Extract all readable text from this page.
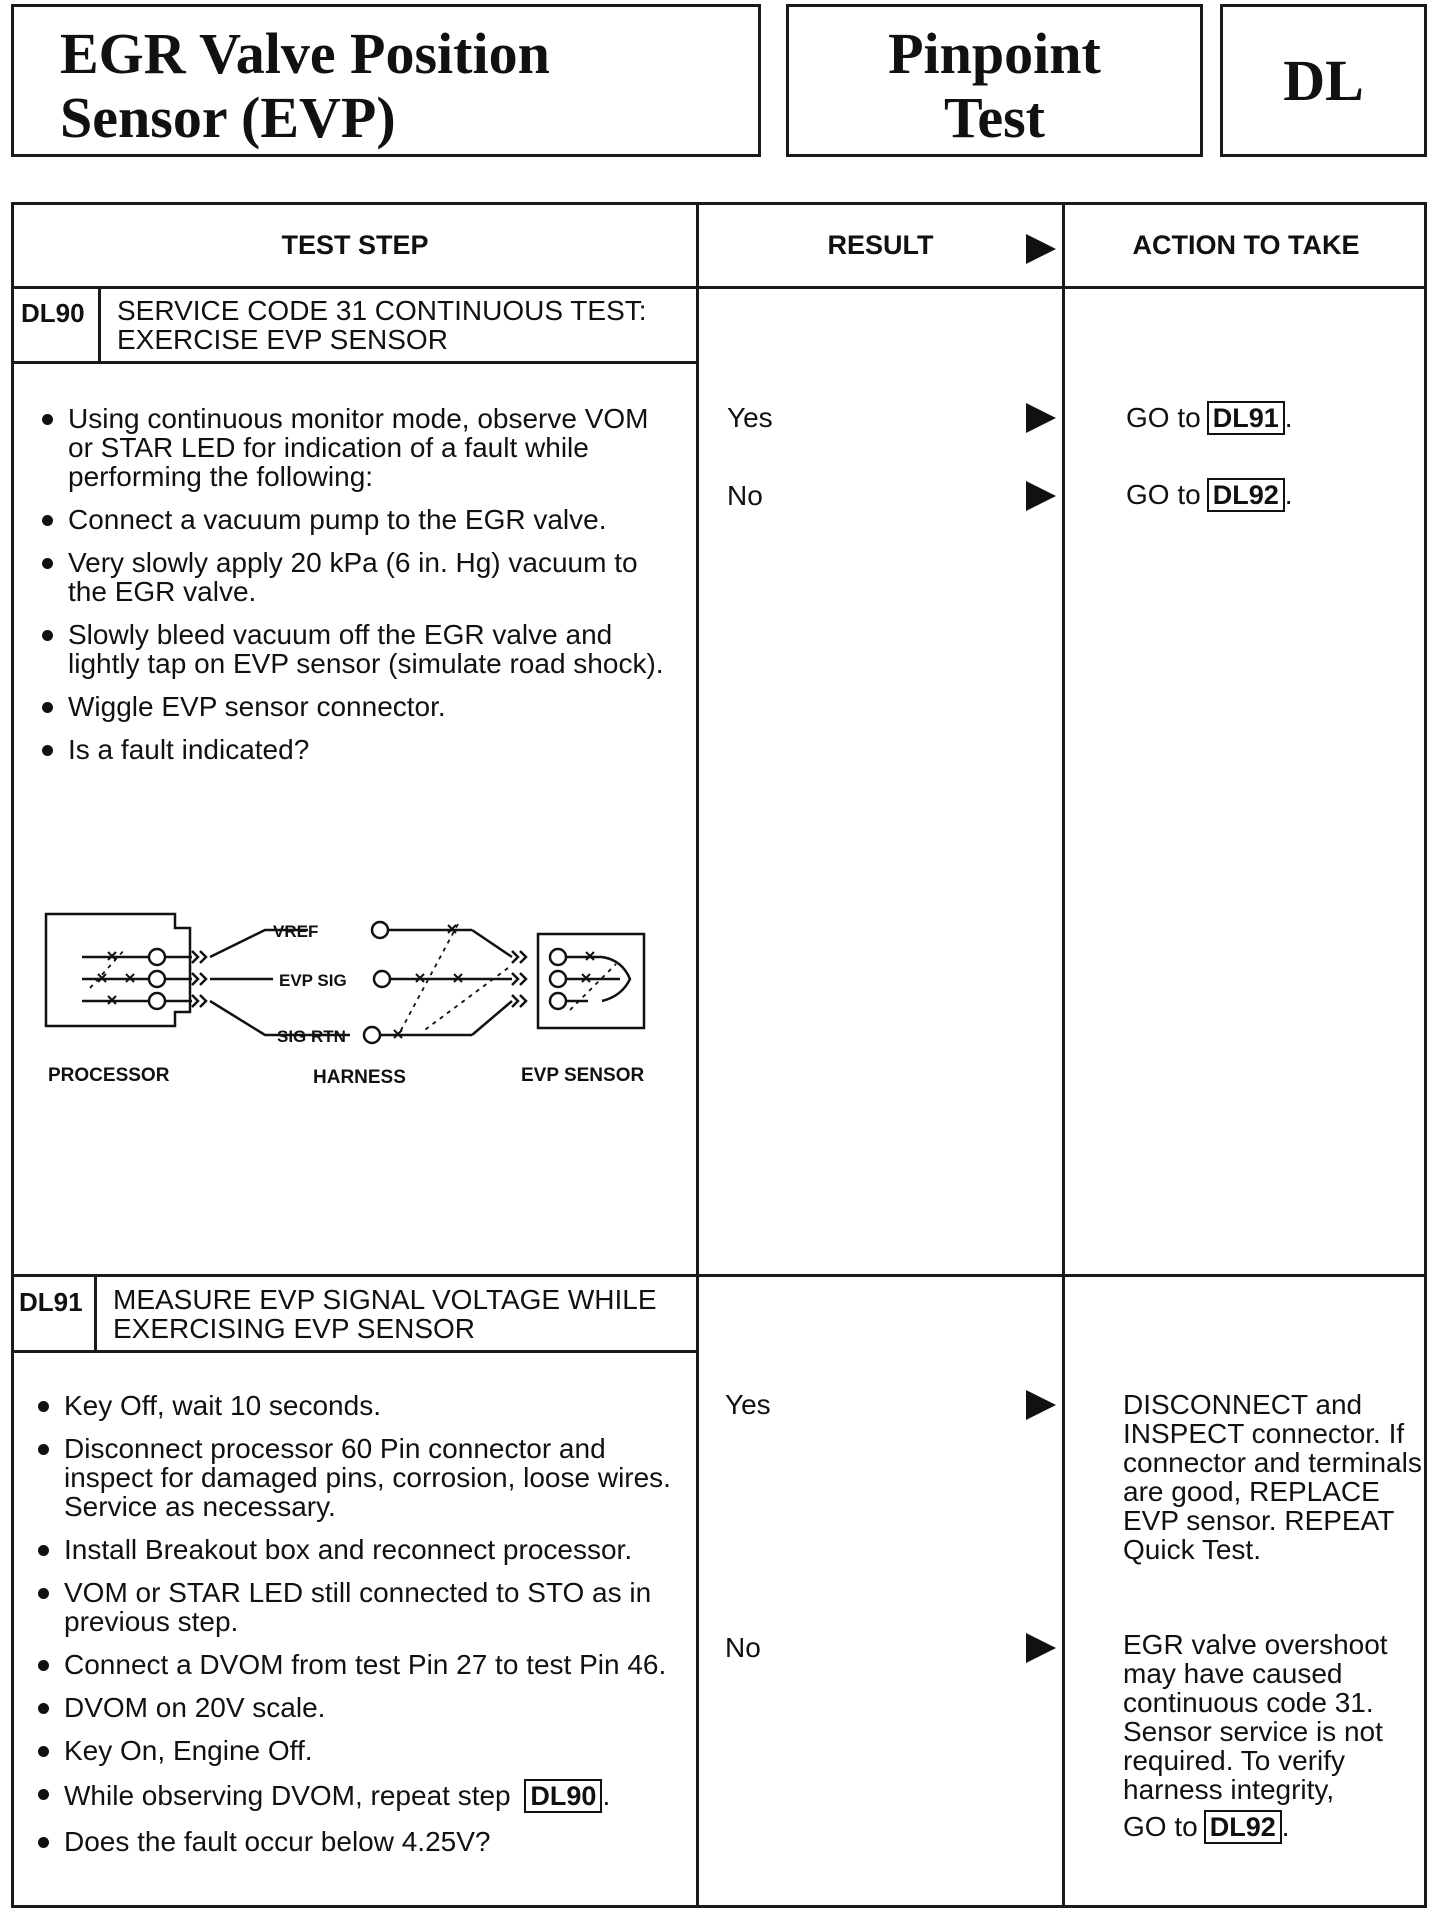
EGR Valve Position
Sensor (EVP)
Pinpoint
Test
DL
TEST STEP	RESULT	ACTION TO TAKE
DL90 SERVICE CODE 31 CONTINUOUS TEST:
EXERCISE EVP SENSOR
Using continuous monitor mode, observe VOM or STAR LED for indication of a fault while performing the following:
Connect a vacuum pump to the EGR valve.
Very slowly apply 20 kPa (6 in. Hg) vacuum to the EGR valve.
Slowly bleed vacuum off the EGR valve and lightly tap on EVP sensor (simulate road shock).
Wiggle EVP sensor connector.
Is a fault indicated?
VREF
EVP SIG
SIG RTN
PROCESSOR	HARNESS	EVP SENSOR
Yes	GO to DL91 .
No	GO to DL92 .
DL91 MEASURE EVP SIGNAL VOLTAGE WHILE
EXERCISING EVP SENSOR
Key Off, wait 10 seconds.
Disconnect processor 60 Pin connector and inspect for damaged pins, corrosion, loose wires. Service as necessary.
Install Breakout box and reconnect processor.
VOM or STAR LED still connected to STO as in previous step.
Connect a DVOM from test Pin 27 to test Pin 46.
DVOM on 20V scale.
Key On, Engine Off.
While observing DVOM, repeat step DL90 .
Does the fault occur below 4.25V?
Yes	DISCONNECT and INSPECT connector. If connector and terminals are good, REPLACE EVP sensor. REPEAT Quick Test.
No	EGR valve overshoot may have caused continuous code 31. Sensor service is not required. To verify harness integrity,
GO to DL92 .
